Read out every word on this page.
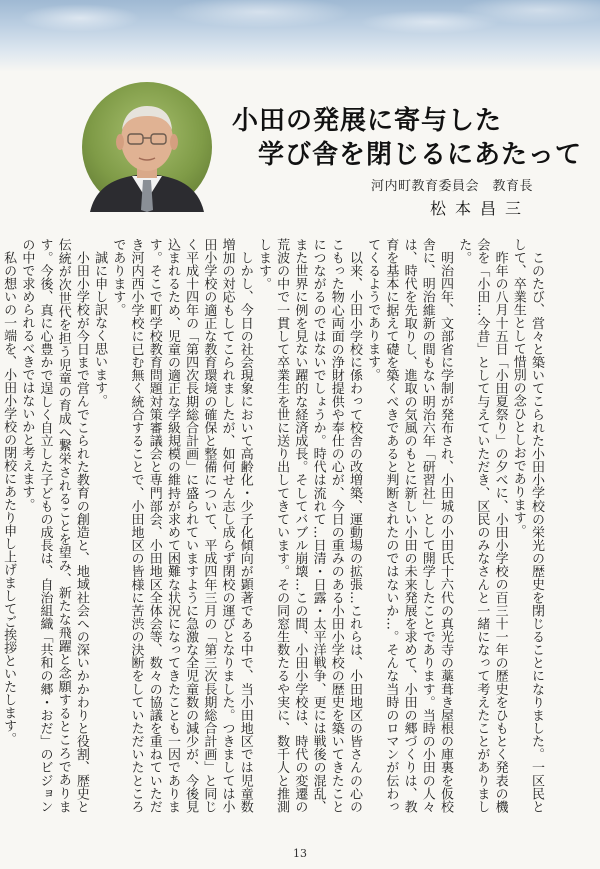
小田の発展に寄与した
学び舎を閉じるにあたって
河内町教育委員会　教育長
松本昌三

このたび、営々と築いてこられた小田小学校の栄光の歴史を閉じることになりました。一区民として、卒業生として惜別の念ひとしおであります。

昨年の八月十五日「小田夏祭り」の夕べに、小田小学校の百三十一年の歴史をひもとく発表の機会を「小田…今昔」として与えていただき、区民のみなさんと一緒になって考えたことがありました。

明治四年、文部省に学制が発布され、小田城の小田氏十六代の真光寺の藁葺き屋根の庫裏を仮校舎に、明治維新の間もない明治六年「研習社」として開学したことであります。当時の小田の人々は、時代を先取りし、進取の気風のもとに新しい小田の未来発展を求めて、小田の郷づくりは、教育を基本に据えて礎を築くべきであると判断されたのではないか…。そんな当時のロマンが伝わってくるようであります。

以来、小田小学校に係わって校舎の改増築、運動場の拡張…これらは、小田地区の皆さんの心のこもった物心両面の浄財提供や奉仕の心が、今日の重みのある小田小学校の歴史を築いてきたことにつながるのではないでしょうか。時代は流れて…日清・日露・太平洋戦争、更には戦後の混乱、また世界に例を見ない躍的な経済成長。そしてバブル崩壊…この間、小田小学校は、時代の変遷の荒波の中で一貫して卒業生を世に送り出してきています。その同窓生数たるや実に、数千人と推測します。

しかし、今日の社会現象において高齢化・少子化傾向が顕著である中で、当小田地区では児童数増加の対応もしてこられましたが、如何せん志し成らず閉校の運びとなりました。つきましては小田小学校の適正な教育環境の確保と整備について、平成四年三月の「第三次長期総合計画」と同じく平成十四年の「第四次長期総合計画」に盛られていますように急激な全児童数の減少が、今後見込まれるため、児童の適正な学級規模の維持が求めて困難な状況になってきたことも一因であります。そこで町学校教育問題対策審議会と専門部会、小田地区全体会等、数々の協議を重ねていただき河内西小学校に已む無く統合することで、小田地区の皆様に苦渋の決断をしていただいたところであります。

誠に申し訳なく思います。

小田小学校が今日まで営んでこられた教育の創造と、地域社会への深いかかわりと役割、歴史と伝統が次世代を担う児童の育成へ繋栄されることを望み、新たな飛躍と念願するところであります。今後、真に心豊かで逞しく自立した子どもの成長は、自治組織「共和の郷・おだ」のビジョンの中で求められるべきではないかと考えます。

私の想いの一端を、小田小学校の閉校にあたり申し上げましてご挨拶といたします。

13
